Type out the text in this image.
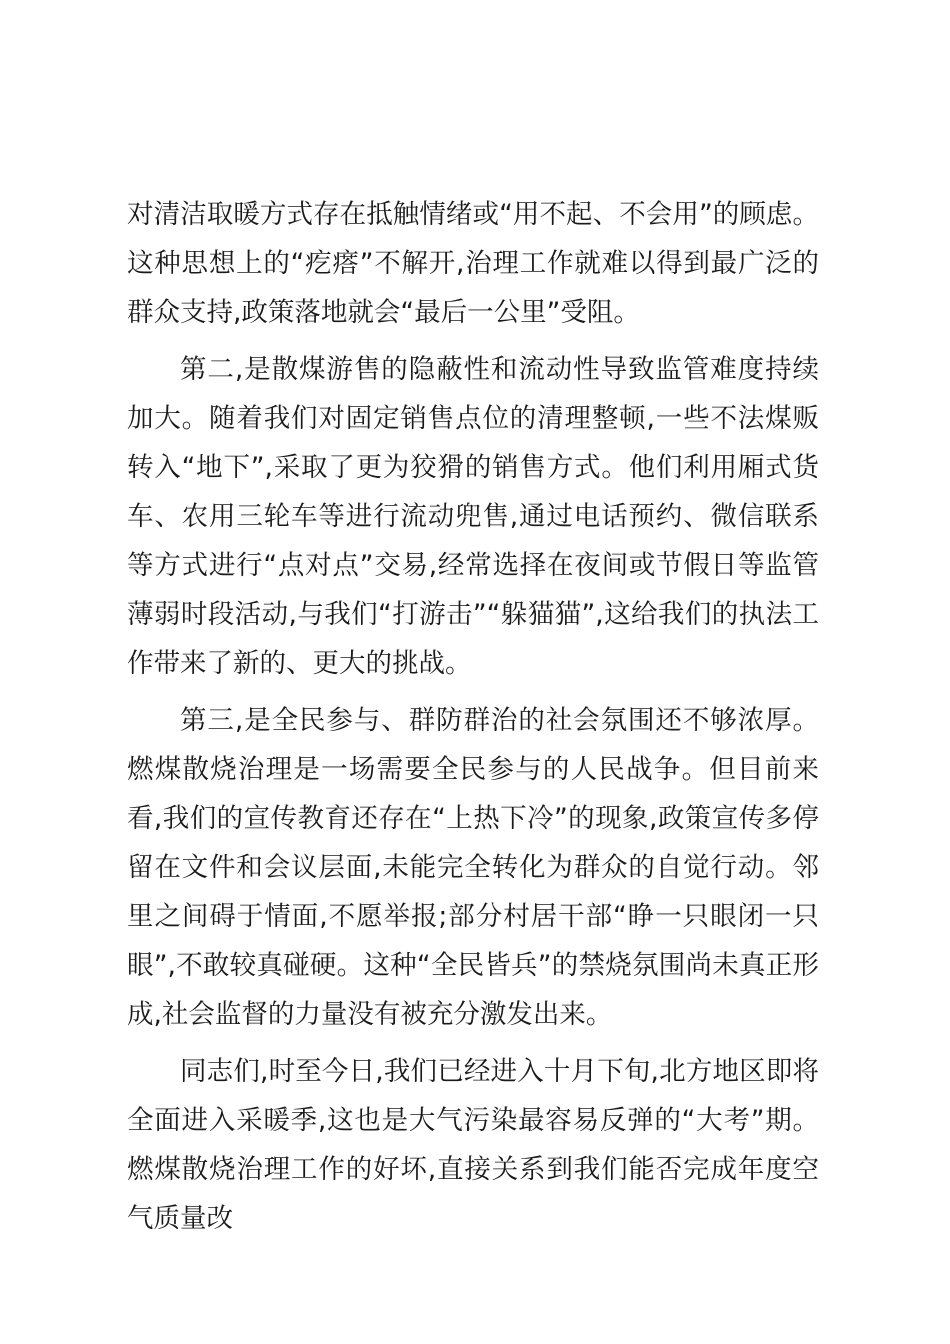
对清洁取暖方式存在抵触情绪或“用不起、不会用”的顾虑。这种思想上的“疙瘩”不解开,治理工作就难以得到最广泛的群众支持,政策落地就会“最后一公里”受阻。

第二,是散煤游售的隐蔽性和流动性导致监管难度持续加大。随着我们对固定销售点位的清理整顿,一些不法煤贩转入“地下”,采取了更为狡猾的销售方式。他们利用厢式货车、农用三轮车等进行流动兜售,通过电话预约、微信联系等方式进行“点对点”交易,经常选择在夜间或节假日等监管薄弱时段活动,与我们“打游击”“躲猫猫”,这给我们的执法工作带来了新的、更大的挑战。

第三,是全民参与、群防群治的社会氛围还不够浓厚。燃煤散烧治理是一场需要全民参与的人民战争。但目前来看,我们的宣传教育还存在“上热下冷”的现象,政策宣传多停留在文件和会议层面,未能完全转化为群众的自觉行动。邻里之间碍于情面,不愿举报;部分村居干部“睁一只眼闭一只眼”,不敢较真碰硬。这种“全民皆兵”的禁烧氛围尚未真正形成,社会监督的力量没有被充分激发出来。

同志们,时至今日,我们已经进入十月下旬,北方地区即将全面进入采暖季,这也是大气污染最容易反弹的“大考”期。燃煤散烧治理工作的好坏,直接关系到我们能否完成年度空气质量改
